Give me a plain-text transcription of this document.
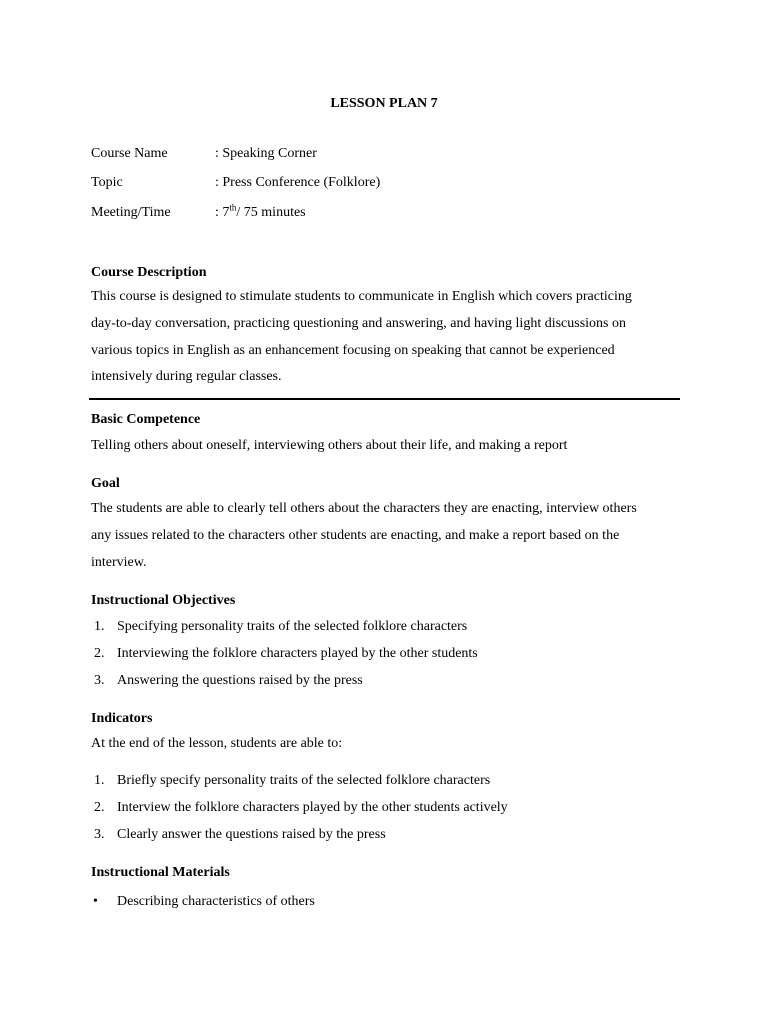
LESSON PLAN 7
Course Name	: Speaking Corner
Topic	: Press Conference (Folklore)
Meeting/Time	: 7th/ 75 minutes

Course Description

This course is designed to stimulate students to communicate in English which covers practicing

day-to-day conversation, practicing questioning and answering, and having light discussions on

various topics in English as an enhancement focusing on speaking that cannot be experienced

intensively during regular classes.

Basic Competence

Telling others about oneself, interviewing others about their life, and making a report

Goal

The students are able to clearly tell others about the characters they are enacting, interview others

any issues related to the characters other students are enacting, and make a report based on the

interview.

Instructional Objectives

1. Specifying personality traits of the selected folklore characters
2. Interviewing the folklore characters played by the other students
3. Answering the questions raised by the press

Indicators

At the end of the lesson, students are able to:

1. Briefly specify personality traits of the selected folklore characters
2. Interview the folklore characters played by the other students actively
3. Clearly answer the questions raised by the press

Instructional Materials

• Describing characteristics of others
